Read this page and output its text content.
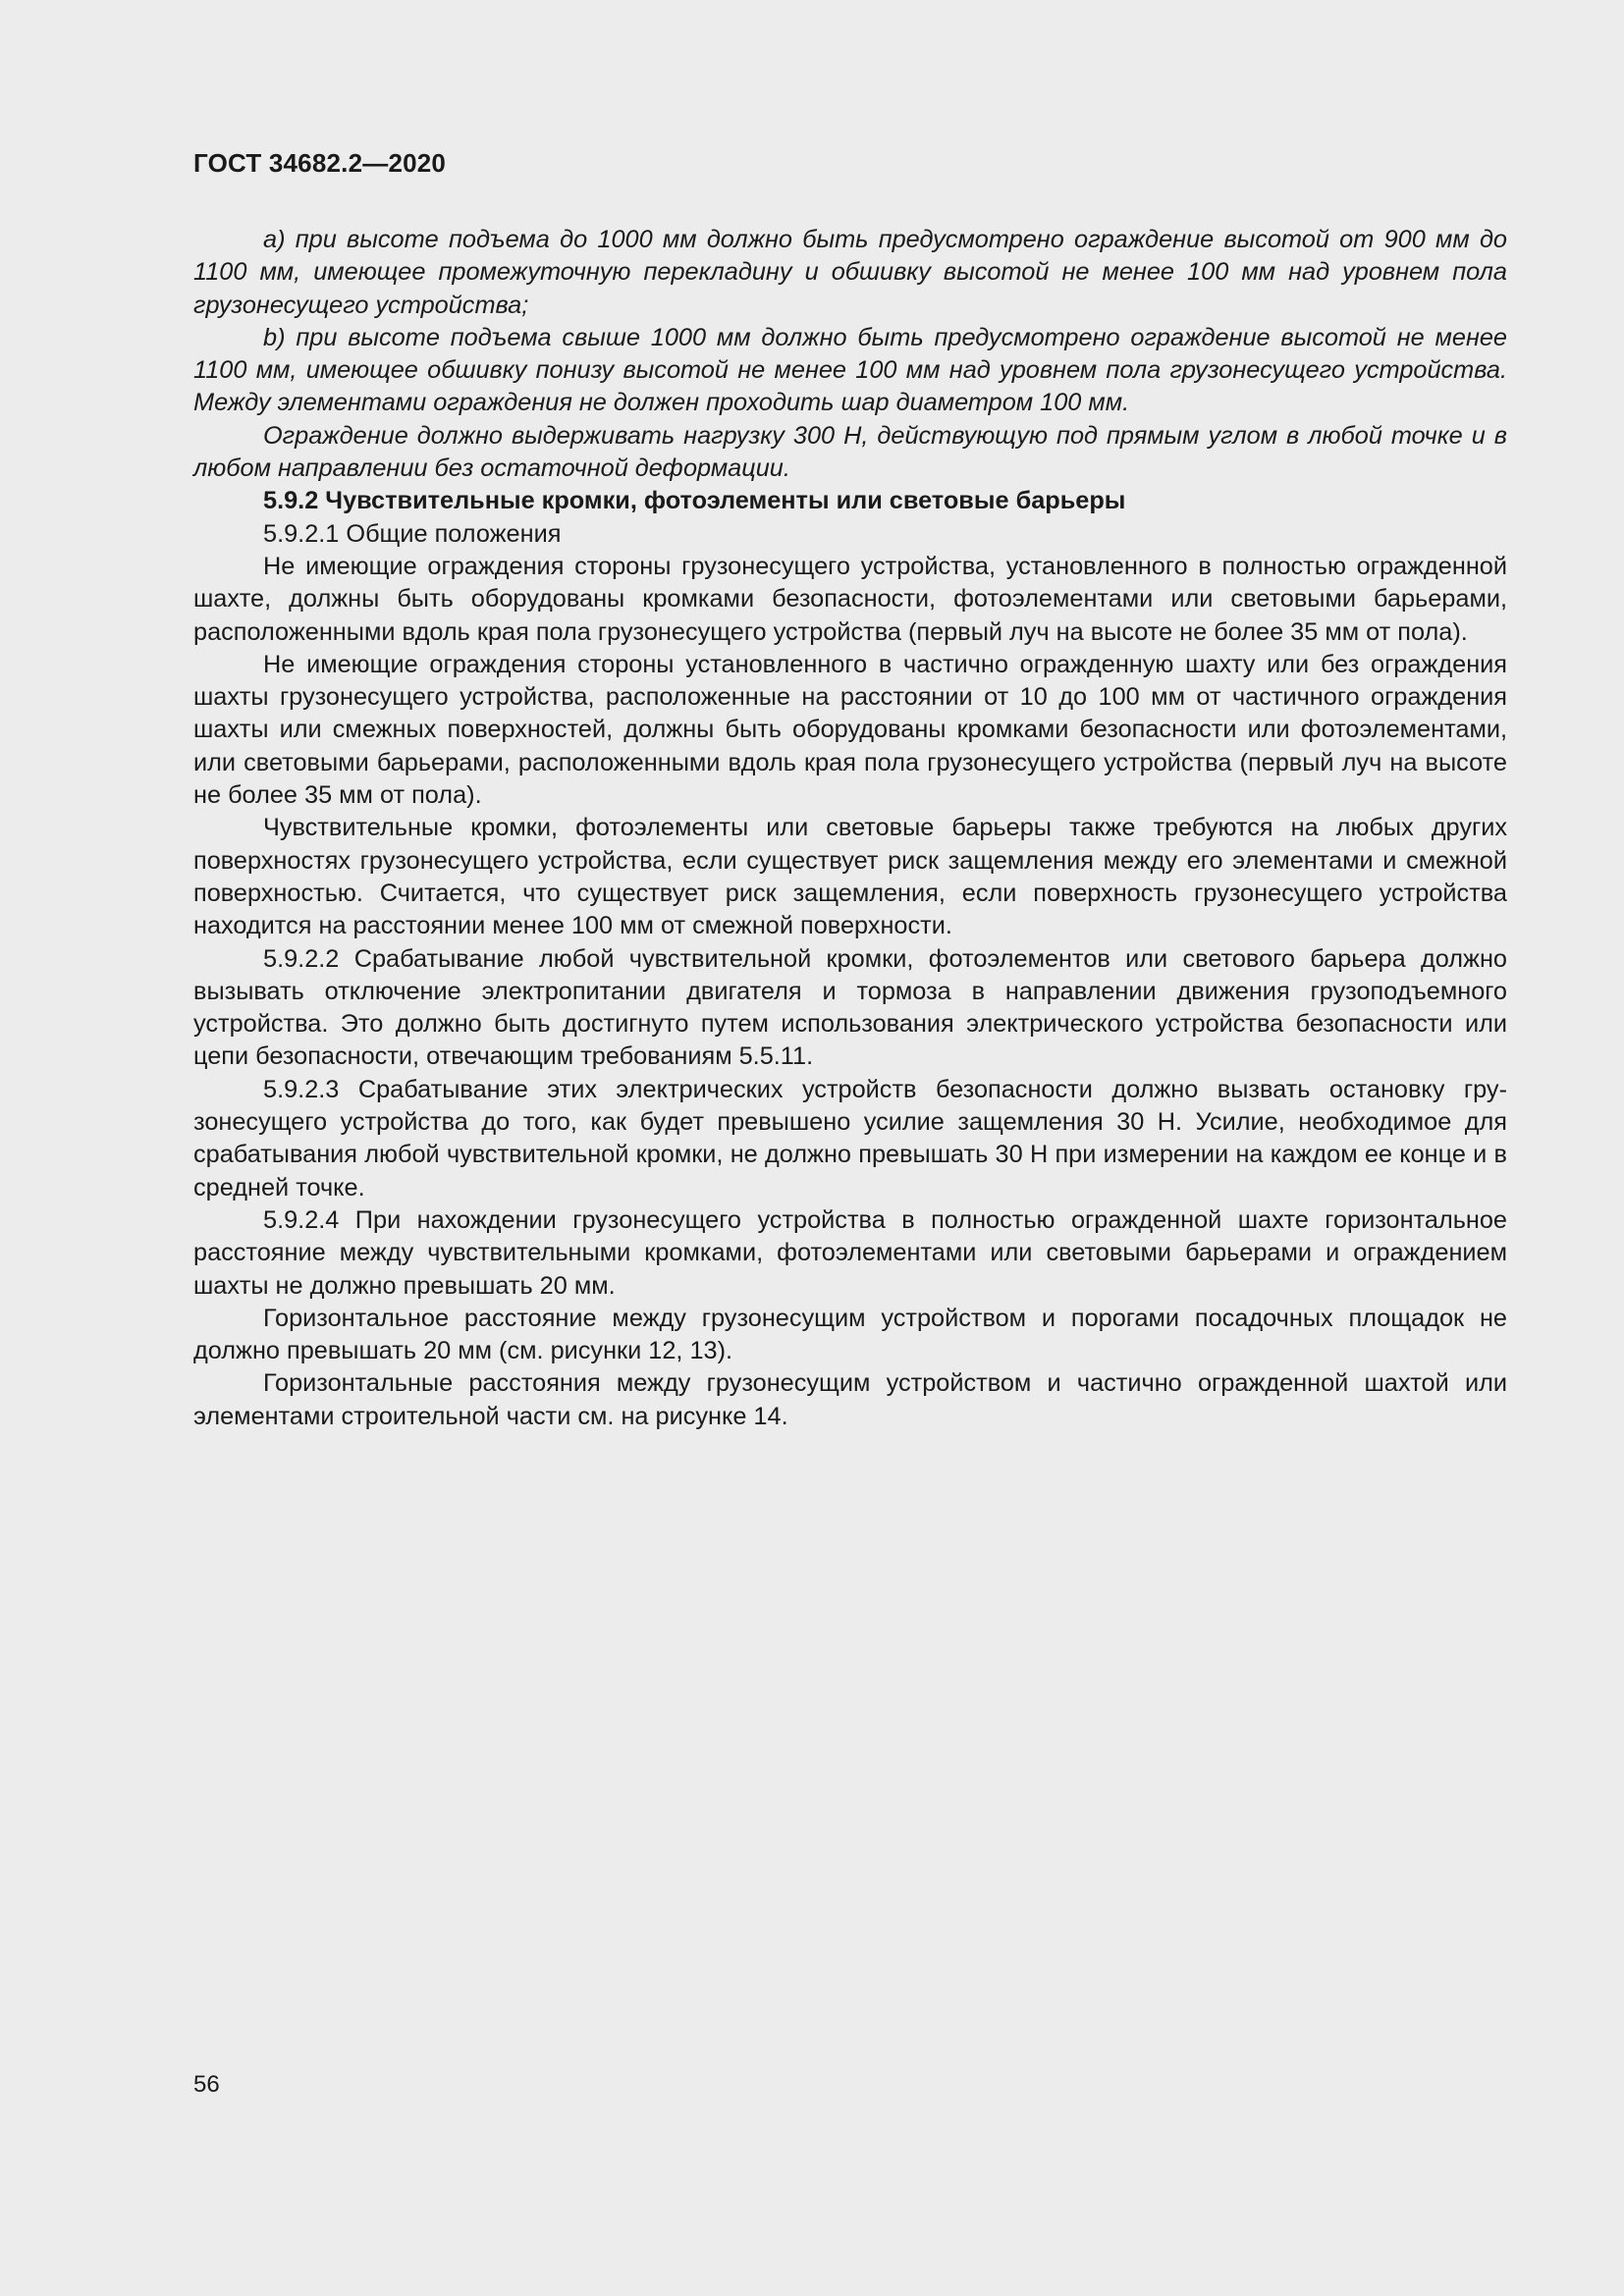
ГОСТ 34682.2—2020

а) при высоте подъема до 1000 мм должно быть предусмотрено ограждение высотой от 900 мм до 1100 мм, имеющее промежуточную перекладину и обшивку высотой не менее 100 мм над уровнем пола грузонесущего устройства;

b) при высоте подъема свыше 1000 мм должно быть предусмотрено ограждение высотой не менее 1100 мм, имеющее обшивку понизу высотой не менее 100 мм над уровнем пола грузонесущего устройства. Между элементами ограждения не должен проходить шар диаметром 100 мм.

Ограждение должно выдерживать нагрузку 300 Н, действующую под прямым углом в любой точке и в любом направлении без остаточной деформации.

5.9.2 Чувствительные кромки, фотоэлементы или световые барьеры

5.9.2.1 Общие положения

Не имеющие ограждения стороны грузонесущего устройства, установленного в полностью огражденной шахте, должны быть оборудованы кромками безопасности, фотоэлементами или световыми барьерами, расположенными вдоль края пола грузонесущего устройства (первый луч на высоте не более 35 мм от пола).

Не имеющие ограждения стороны установленного в частично огражденную шахту или без ограждения шахты грузонесущего устройства, расположенные на расстоянии от 10 до 100 мм от частичного ограждения шахты или смежных поверхностей, должны быть оборудованы кромками безопасности или фотоэлементами, или световыми барьерами, расположенными вдоль края пола грузонесущего устройства (первый луч на высоте не более 35 мм от пола).

Чувствительные кромки, фотоэлементы или световые барьеры также требуются на любых других поверхностях грузонесущего устройства, если существует риск защемления между его элементами и смежной поверхностью. Считается, что существует риск защемления, если поверхность грузонесущего устройства находится на расстоянии менее 100 мм от смежной поверхности.

5.9.2.2 Срабатывание любой чувствительной кромки, фотоэлементов или светового барьера должно вызывать отключение электропитании двигателя и тормоза в направлении движения грузоподъемного устройства. Это должно быть достигнуто путем использования электрического устройства безопасности или цепи безопасности, отвечающим требованиям 5.5.11.

5.9.2.3 Срабатывание этих электрических устройств безопасности должно вызвать остановку грузонесущего устройства до того, как будет превышено усилие защемления 30 Н. Усилие, необходимое для срабатывания любой чувствительной кромки, не должно превышать 30 Н при измерении на каждом ее конце и в средней точке.

5.9.2.4 При нахождении грузонесущего устройства в полностью огражденной шахте горизонтальное расстояние между чувствительными кромками, фотоэлементами или световыми барьерами и ограждением шахты не должно превышать 20 мм.

Горизонтальное расстояние между грузонесущим устройством и порогами посадочных площадок не должно превышать 20 мм (см. рисунки 12, 13).

Горизонтальные расстояния между грузонесущим устройством и частично огражденной шахтой или элементами строительной части см. на рисунке 14.

56
